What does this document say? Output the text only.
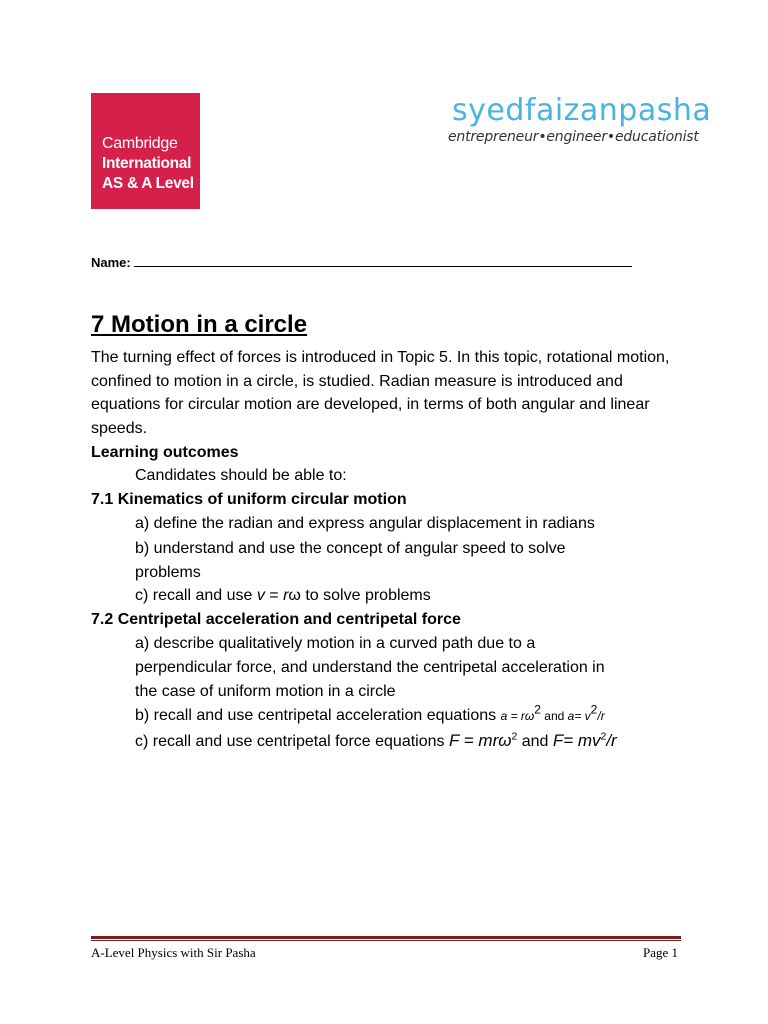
Cambridge
International
AS & A Level
syedfaizanpasha
entrepreneur•engineer•educationist
Name:
7 Motion in a circle

The turning effect of forces is introduced in Topic 5. In this topic, rotational motion, confined to motion in a circle, is studied. Radian measure is introduced and equations for circular motion are developed, in terms of both angular and linear speeds.

Learning outcomes
Candidates should be able to:
7.1 Kinematics of uniform circular motion
a) define the radian and express angular displacement in radians
b) understand and use the concept of angular speed to solve
problems
c) recall and use v = rω to solve problems
7.2 Centripetal acceleration and centripetal force
a) describe qualitatively motion in a curved path due to a
perpendicular force, and understand the centripetal acceleration in
the case of uniform motion in a circle
b) recall and use centripetal acceleration equations $a = r\omega^2$ and $a= v^2/r$
c) recall and use centripetal force equations F = mrω$^2$ and $F= mv^2/r$
A-Level Physics with Sir Pasha	Page 1
